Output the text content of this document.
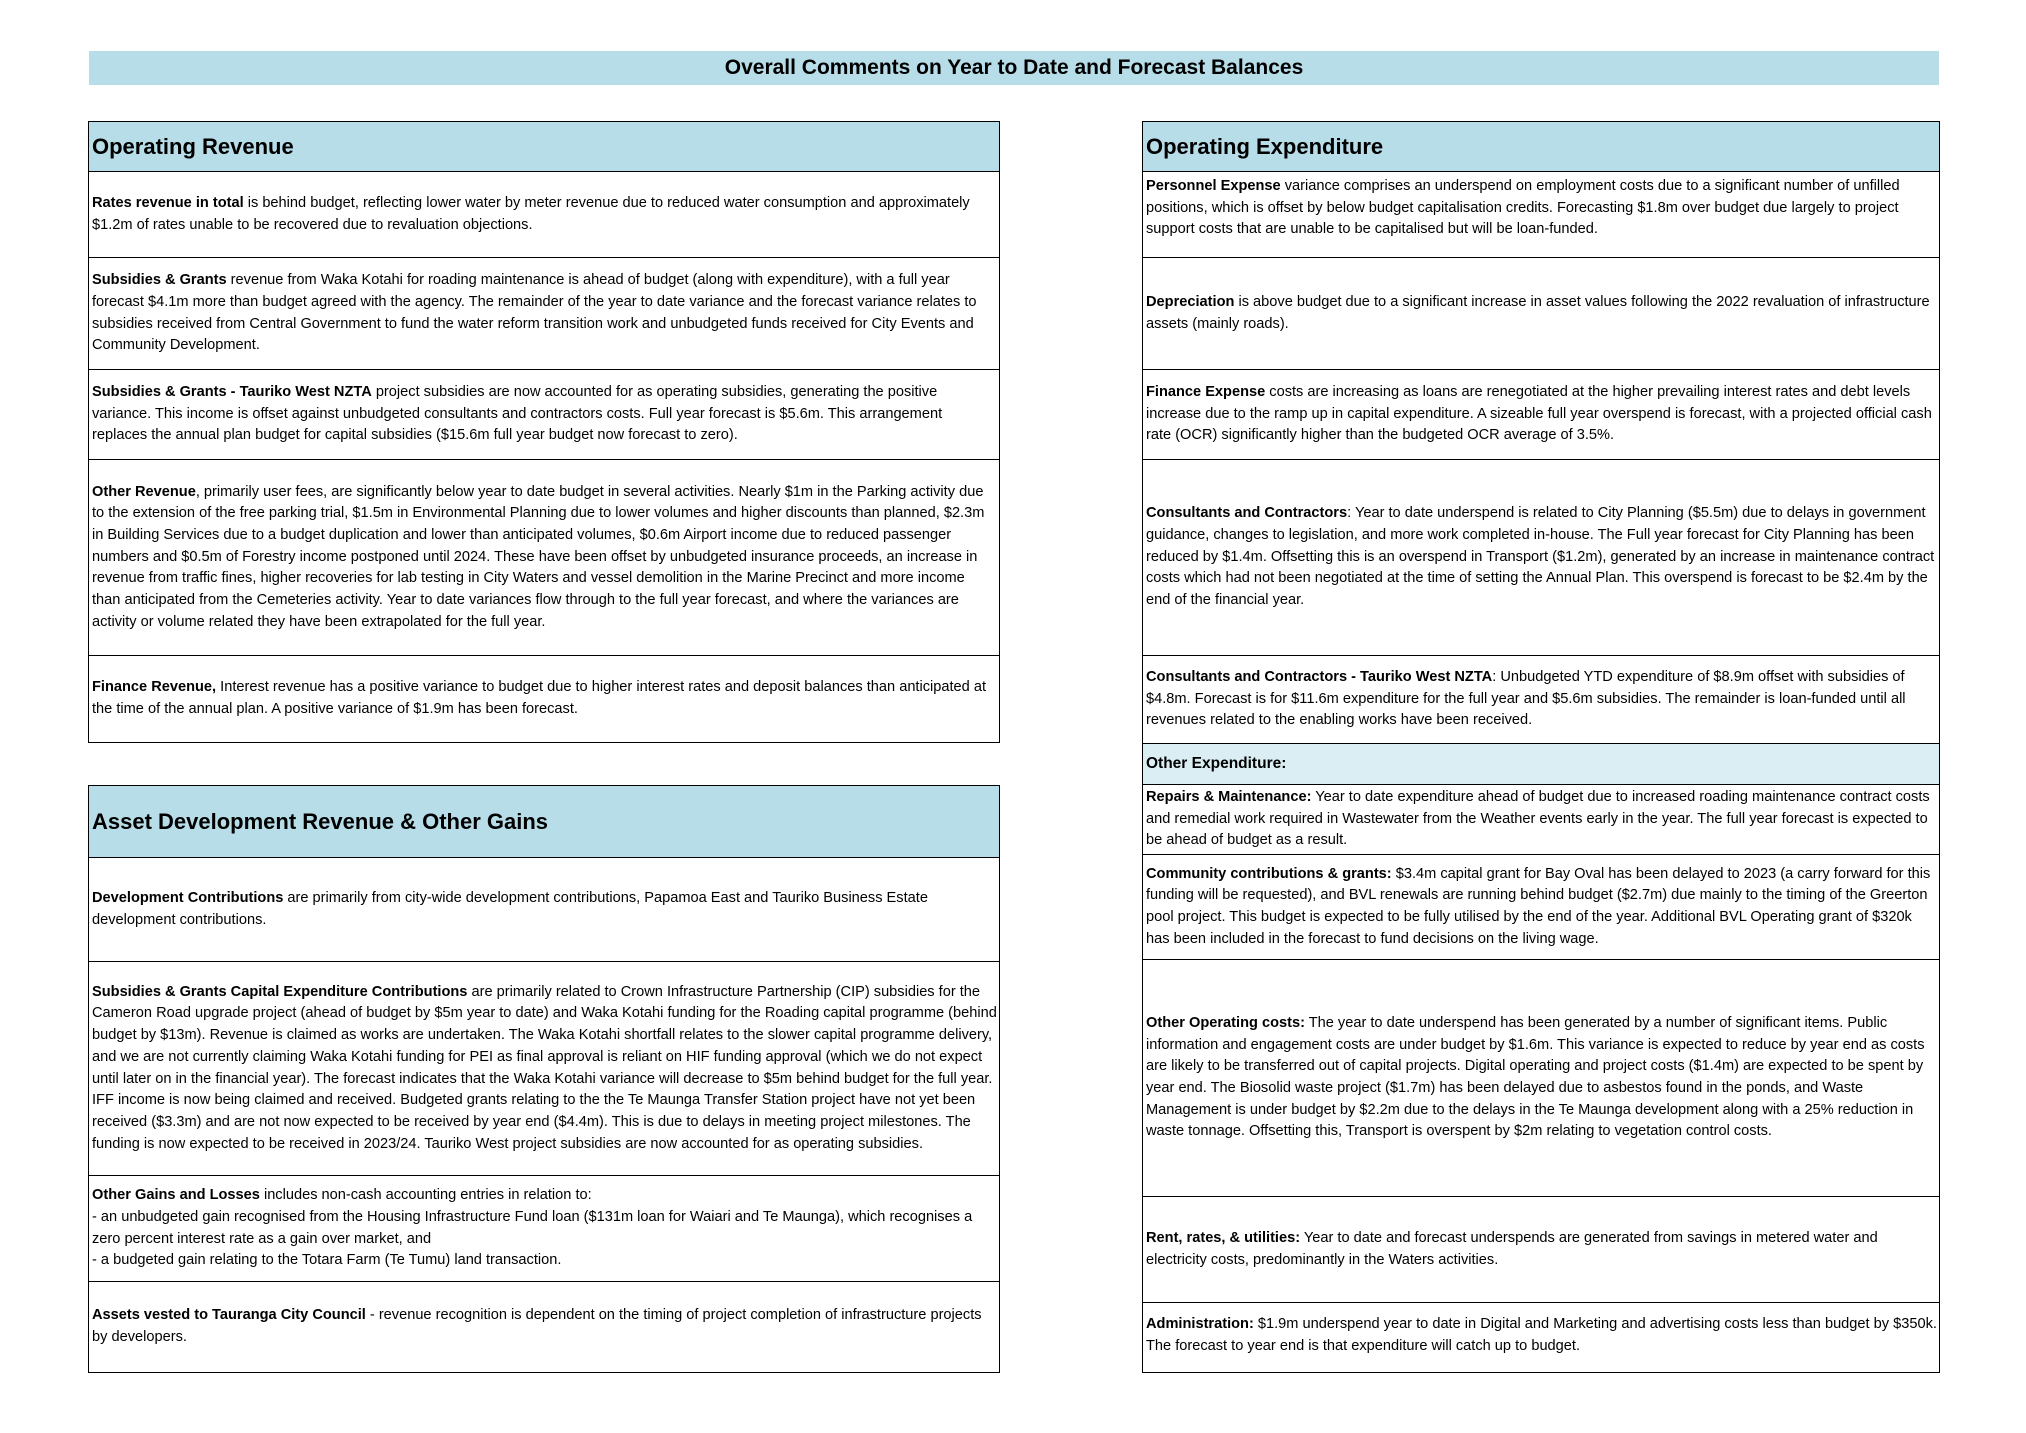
Overall Comments on Year to Date and Forecast Balances
Operating Revenue

Rates revenue in total is behind budget, reflecting lower water by meter revenue due to reduced water consumption and approximately $1.2m of rates unable to be recovered due to revaluation objections.

Subsidies & Grants revenue from Waka Kotahi for roading maintenance is ahead of budget (along with expenditure), with a full year forecast $4.1m more than budget agreed with the agency. The remainder of the year to date variance and the forecast variance relates to subsidies received from Central Government to fund the water reform transition work and unbudgeted funds received for City Events and Community Development.

Subsidies & Grants - Tauriko West NZTA project subsidies are now accounted for as operating subsidies, generating the positive variance. This income is offset against unbudgeted consultants and contractors costs. Full year forecast is $5.6m. This arrangement replaces the annual plan budget for capital subsidies ($15.6m full year budget now forecast to zero).

Other Revenue, primarily user fees, are significantly below year to date budget in several activities. Nearly $1m in the Parking activity due to the extension of the free parking trial, $1.5m in Environmental Planning due to lower volumes and higher discounts than planned, $2.3m in Building Services due to a budget duplication and lower than anticipated volumes, $0.6m Airport income due to reduced passenger numbers and $0.5m of Forestry income postponed until 2024. These have been offset by unbudgeted insurance proceeds, an increase in revenue from traffic fines, higher recoveries for lab testing in City Waters and vessel demolition in the Marine Precinct and more income than anticipated from the Cemeteries activity. Year to date variances flow through to the full year forecast, and where the variances are activity or volume related they have been extrapolated for the full year.

Finance Revenue, Interest revenue has a positive variance to budget due to higher interest rates and deposit balances than anticipated at the time of the annual plan. A positive variance of $1.9m has been forecast.

Asset Development Revenue & Other Gains

Development Contributions are primarily from city-wide development contributions, Papamoa East and Tauriko Business Estate development contributions.

Subsidies & Grants Capital Expenditure Contributions are primarily related to Crown Infrastructure Partnership (CIP) subsidies for the Cameron Road upgrade project (ahead of budget by $5m year to date) and Waka Kotahi funding for the Roading capital programme (behind budget by $13m). Revenue is claimed as works are undertaken. The Waka Kotahi shortfall relates to the slower capital programme delivery, and we are not currently claiming Waka Kotahi funding for PEI as final approval is reliant on HIF funding approval (which we do not expect until later on in the financial year). The forecast indicates that the Waka Kotahi variance will decrease to $5m behind budget for the full year. IFF income is now being claimed and received. Budgeted grants relating to the the Te Maunga Transfer Station project have not yet been received ($3.3m) and are not now expected to be received by year end ($4.4m). This is due to delays in meeting project milestones. The funding is now expected to be received in 2023/24. Tauriko West project subsidies are now accounted for as operating subsidies.

Other Gains and Losses includes non-cash accounting entries in relation to:
- an unbudgeted gain recognised from the Housing Infrastructure Fund loan ($131m loan for Waiari and Te Maunga), which recognises a zero percent interest rate as a gain over market, and
- a budgeted gain relating to the Totara Farm (Te Tumu) land transaction.

Assets vested to Tauranga City Council - revenue recognition is dependent on the timing of project completion of infrastructure projects by developers.

Operating Expenditure

Personnel Expense variance comprises an underspend on employment costs due to a significant number of unfilled positions, which is offset by below budget capitalisation credits. Forecasting $1.8m over budget due largely to project support costs that are unable to be capitalised but will be loan-funded.

Depreciation is above budget due to a significant increase in asset values following the 2022 revaluation of infrastructure assets (mainly roads).

Finance Expense costs are increasing as loans are renegotiated at the higher prevailing interest rates and debt levels increase due to the ramp up in capital expenditure. A sizeable full year overspend is forecast, with a projected official cash rate (OCR) significantly higher than the budgeted OCR average of 3.5%.

Consultants and Contractors: Year to date underspend is related to City Planning ($5.5m) due to delays in government guidance, changes to legislation, and more work completed in-house. The Full year forecast for City Planning has been reduced by $1.4m. Offsetting this is an overspend in Transport ($1.2m), generated by an increase in maintenance contract costs which had not been negotiated at the time of setting the Annual Plan. This overspend is forecast to be $2.4m by the end of the financial year.

Consultants and Contractors - Tauriko West NZTA: Unbudgeted YTD expenditure of $8.9m offset with subsidies of $4.8m. Forecast is for $11.6m expenditure for the full year and $5.6m subsidies. The remainder is loan-funded until all revenues related to the enabling works have been received.

Other Expenditure:

Repairs & Maintenance: Year to date expenditure ahead of budget due to increased roading maintenance contract costs and remedial work required in Wastewater from the Weather events early in the year. The full year forecast is expected to be ahead of budget as a result.

Community contributions & grants: $3.4m capital grant for Bay Oval has been delayed to 2023 (a carry forward for this funding will be requested), and BVL renewals are running behind budget ($2.7m) due mainly to the timing of the Greerton pool project. This budget is expected to be fully utilised by the end of the year. Additional BVL Operating grant of $320k has been included in the forecast to fund decisions on the living wage.

Other Operating costs: The year to date underspend has been generated by a number of significant items. Public information and engagement costs are under budget by $1.6m. This variance is expected to reduce by year end as costs are likely to be transferred out of capital projects. Digital operating and project costs ($1.4m) are expected to be spent by year end. The Biosolid waste project ($1.7m) has been delayed due to asbestos found in the ponds, and Waste Management is under budget by $2.2m due to the delays in the Te Maunga development along with a 25% reduction in waste tonnage. Offsetting this, Transport is overspent by $2m relating to vegetation control costs.

Rent, rates, & utilities: Year to date and forecast underspends are generated from savings in metered water and electricity costs, predominantly in the Waters activities.

Administration: $1.9m underspend year to date in Digital and Marketing and advertising costs less than budget by $350k. The forecast to year end is that expenditure will catch up to budget.
